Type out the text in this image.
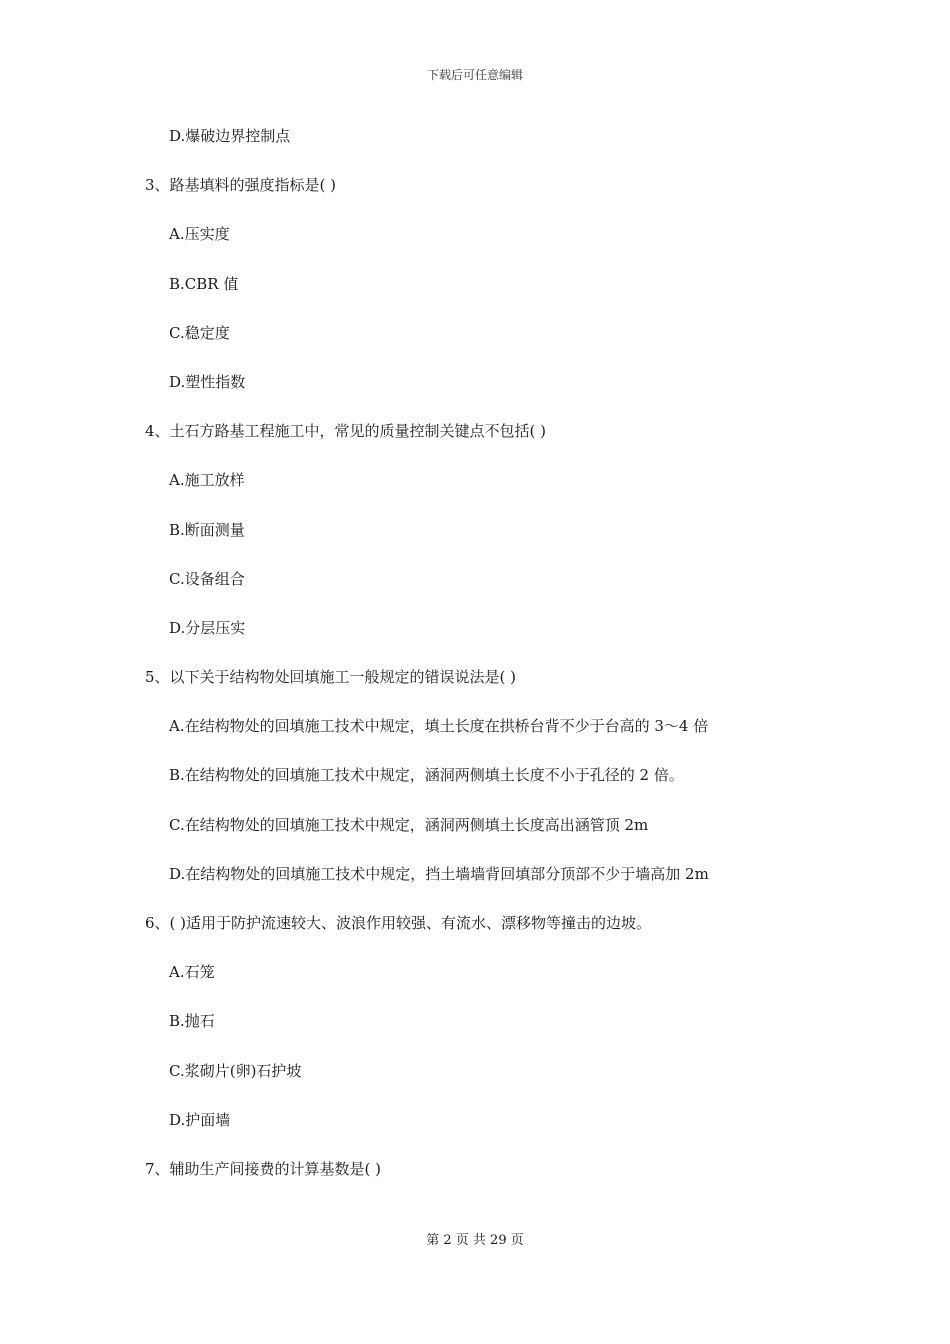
下载后可任意编辑
D.爆破边界控制点
3、路基填料的强度指标是( )
A.压实度
B.CBR 值
C.稳定度
D.塑性指数
4、土石方路基工程施工中，常见的质量控制关键点不包括( )
A.施工放样
B.断面测量
C.设备组合
D.分层压实
5、以下关于结构物处回填施工一般规定的错误说法是( )
A.在结构物处的回填施工技术中规定，填土长度在拱桥台背不少于台高的 3～4 倍
B.在结构物处的回填施工技术中规定，涵洞两侧填土长度不小于孔径的 2 倍。
C.在结构物处的回填施工技术中规定，涵洞两侧填土长度高出涵管顶 2m
D.在结构物处的回填施工技术中规定，挡土墙墙背回填部分顶部不少于墙高加 2m
6、( )适用于防护流速较大、波浪作用较强、有流水、漂移物等撞击的边坡。
A.石笼
B.抛石
C.浆砌片(卵)石护坡
D.护面墙
7、辅助生产间接费的计算基数是( )
第 2 页 共 29 页
